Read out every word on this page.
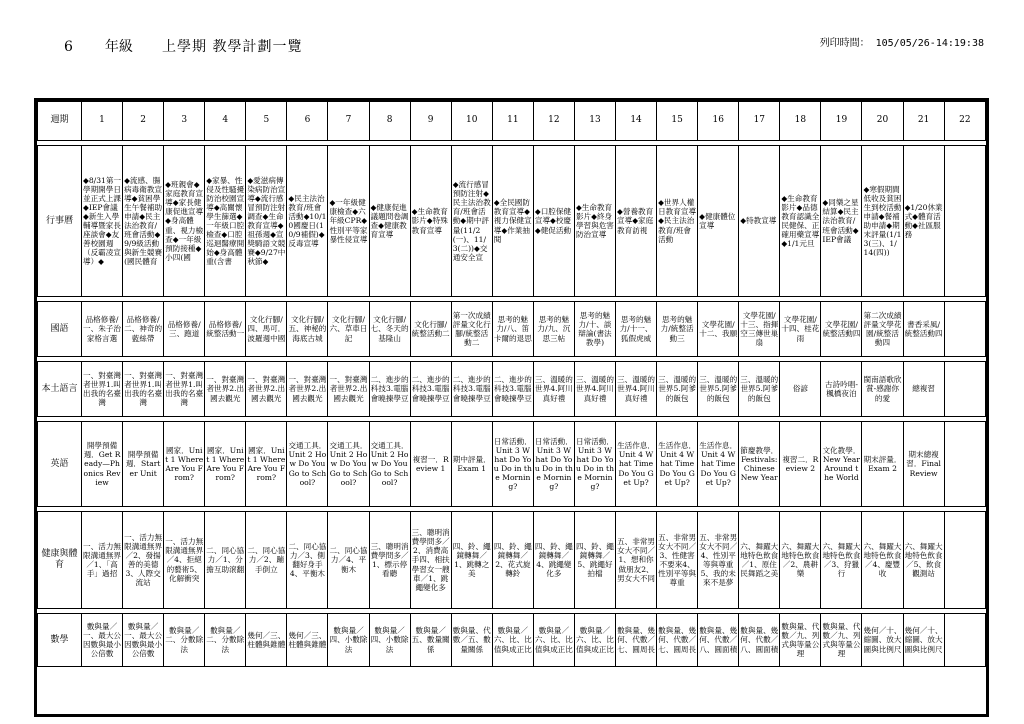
6 年級	上學期 教學計劃一覽	列印時間： 105/05/26-14:19:38
週期	1	2	3	4	5	6	7	8	9	10	11	12	13	14	15	16	17	18	19	20	21	22

行事曆	◆8/31第一學期開學日並正式上課◆IEP會議◆新生入學輔導暨家長座談會◆友善校園週（反霸凌宣導）◆	◆流感、腸病毒衛教宣導◆貧困學生午餐補助申請◆民主法治教育/班會活動◆9/9級活動與新生競賽(國民體育	◆班親會◆家庭教育宣導◆家長健康促進宣導◆身高體重、視力檢查◆一年級預防接種◆小四(國	◆家暴、性侵及性騷擾防治校園宣導◆高關懷學生篩選◆一年級口腔檢查◆口腔巡迴醫療開始◆身高體重(含書	◆愛滋病傳染病防治宣導◆流行感冒預防注射調查◆生命教育宣導◆祖孫週◆宣獎騎語文競賽◆9/27中秋節◆	◆民主法治教育/班會活動◆10/10國慶日(10/9補假)◆反毒宣導	◆一年級健康檢查◆六年級CPR◆性別平等家暴性侵宣導	◆健康促進議題問卷調查◆健康教育宣導	◆生命教育影片◆特殊教育宣導	◆流行感冒預防注射◆民主法治教育/班會活動◆期中評量(11/2(一)、11/3(二))◆交通安全宣	◆全民國防教育宣導◆視力保健宣導◆作業抽閱	◆口腔保健宣導◆校慶◆健促活動	◆生命教育影片◆終身學習與危害防治宣導	◆營養教育宣導◆家庭教育訪視	◆世界人權日教育宣導◆民主法治教育/班會活動	◆健康體位宣導	◆特教宣導	◆生命教育影片◆品德教育認識全民健保、正確用藥宣導◆1/1元旦	◆同樂之星結算◆民主法治教育/班會活動◆IEP會議	◆寒假期間低收及貧困生到校活動申請◆餐補助申請◆期末評量(1/13(三)、1/14(四))	◆1/20休業式◆體育活動◆社區服務	

國語	品格修養/一、朱子治家格言選	品格修養/二、神奇的藍絲帶	品格修養/三、跑道	品格修養/統整活動一	文化行腳/四、馬可．波羅週中國	文化行腳/五、神秘的海底古城	文化行腳/六、草車日記	文化行腳/七、冬天的基隆山	文化行腳/統整活動二	第一次成績評量文化行腳/統整活動二	思考的魅力/八、笛卡爾的退思	思考的魅力/九、沉思三帖	思考的魅力/十、談辯論(書法教學)	思考的魅力/十一、狐假虎威	思考的魅力/統整活動三	文學花園/十二、我願	文學花園/十三、指揮空三傳世巢扇	文學花園/十四、桂花雨	文學花園/統整活動四	第二次成績評量文學花園/統整活動四	書香采風/統整活動四	

本土語言	一、對臺灣者世界1.叫出我的名臺灣	一、對臺灣者世界1.叫出我的名臺灣	一、對臺灣者世界1.叫出我的名臺灣	一、對臺灣者世界2.出國去觀光	一、對臺灣者世界2.出國去觀光	一、對臺灣者世界2.出國去觀光	一、對臺灣者世界2.出國去觀光	二、進步的科技3.電腦會曉揀學豆	二、進步的科技3.電腦會曉揀學豆	二、進步的科技3.電腦會曉揀學豆	二、進步的科技3.電腦會曉揀學豆	三、溫暖的世界4.阿川真好禮	三、溫暖的世界4.阿川真好禮	三、溫暖的世界4.阿川真好禮	三、溫暖的世界5.阿爹的飯包	三、溫暖的世界5.阿爹的飯包	三、溫暖的世界5.阿爹的飯包	俗諺	古詩吟唱-楓橋夜泊	閩南語歌欣賞-感謝你的愛	總複習	

英語	開學預備週．Get Ready—Phonics Review	開學預備週．Starter Unit	國家．Unit 1 Where Are You From?	國家．Unit 1 Where Are You From?	國家．Unit 1 Where Are You From?	交通工具．Unit 2 How Do You Go to School?	交通工具．Unit 2 How Do You Go to School?	交通工具．Unit 2 How Do You Go to School?	複習一．Review 1	期中評量．Exam 1	日常活動．Unit 3 What Do You Do in the Morning?	日常活動．Unit 3 What Do You Do in the Morning?	日常活動．Unit 3 What Do You Do in the Morning?	生活作息．Unit 4 What Time Do You Get Up?	生活作息．Unit 4 What Time Do You Get Up?	生活作息．Unit 4 What Time Do You Get Up?	節慶教學．Festivals: Chinese New Year	複習二．Review 2	文化教學．New Year Around the World	期末評量．Exam 2	期末總複習．Final Review	

健康與體育	一、活力無限溝通無界／1、「高手」過招	一、活力無限溝通無界／2、發揚善的美德3、人際交流站	一、活力無限溝通無界／4、拒絕的藝術5、化解衝突	二、同心協力／1、分擔互助滾翻	二、同心協力／2、蹦手倒立	二、同心協力／3、側翻好身手4、平衡木	二、同心協力／4、平衡木	三、聰明消費學問多／1、標示停看聽	三、聰明消費學問多／2、消費高手四、相扶學習女一艘車／1、跳繩變化多	四、鈴、繩鏡轉舞／1、跳轉之美	四、鈴、繩鏡轉舞／2、花式旋轉鈴	四、鈴、繩鏡轉舞／4、跳繩變化多	四、鈴、繩鏡轉舞／5、跳繩好拍檔	五、非常男女大不同／1、想和你做朋友2、男女大不同	五、非常男女大不同／3、性健害不要來4、性別平等與尊重	五、非常男女大不同／4、性別平等與尊重5、我的未來不是夢	六、舞躍大地特色飲食／1、原住民舞蹈之美	六、舞躍大地特色飲食／2、農耕樂	六、舞躍大地特色飲食／3、狩獵行	六、舞躍大地特色飲食／4、慶豐收	六、舞躍大地特色飲食／5、飲食觀測站	

數學	數與量／一、最大公因數與最小公倍數	數與量／一、最大公因數與最小公倍數	數與量／二、分數除法	數與量／二、分數除法	幾何／三、柱體與錐體	幾何／三、柱體與錐體	數與量／四、小數除法	數與量／四、小數除法	數與量／五、數量關係	數與量、代數／五、數量關係	數與量／六、比、比值與成正比	數與量／六、比、比值與成正比	數與量／六、比、比值與成正比	數與量、幾何、代數／七、圓周長	數與量、幾何、代數／七、圓周長	數與量、幾何、代數／八、圓面積	數與量、幾何、代數／八、圓面積	數與量、代數／九、列式與等量公理	數與量、代數／九、列式與等量公理	幾何／十、縮圖、放大圖與比例尺	幾何／十、縮圖、放大圖與比例尺	
